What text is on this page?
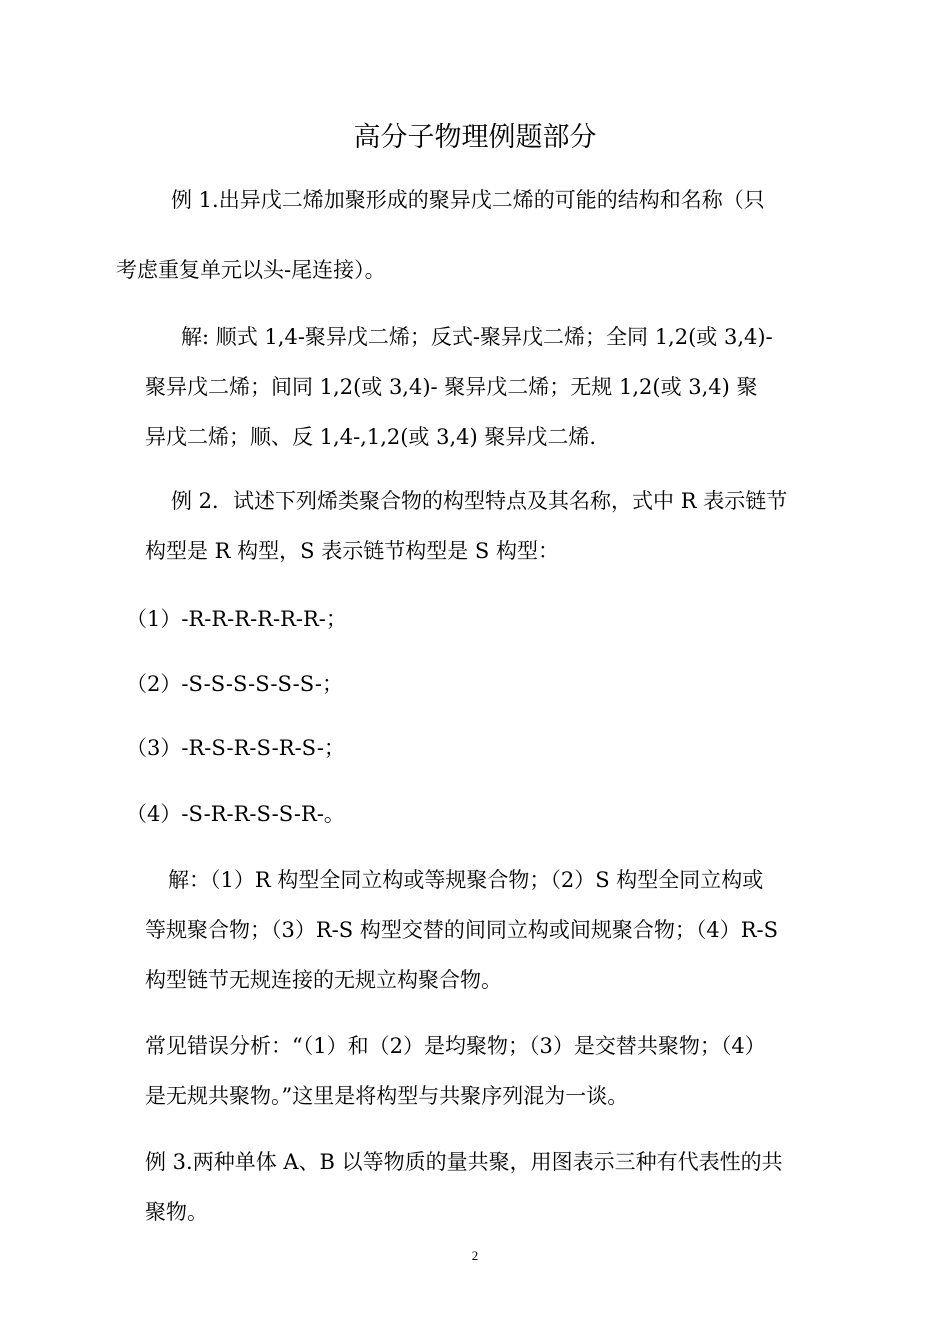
高分子物理例题部分
例 1.出异戊二烯加聚形成的聚异戊二烯的可能的结构和名称（只
考虑重复单元以头-尾连接）。
解: 顺式 1,4-聚异戊二烯；反式-聚异戊二烯；全同 1,2(或 3,4)-
聚异戊二烯；间同 1,2(或 3,4)- 聚异戊二烯；无规 1,2(或 3,4) 聚
异戊二烯；顺、反 1,4-,1,2(或 3,4) 聚异戊二烯.
例 2．试述下列烯类聚合物的构型特点及其名称，式中 R 表示链节
构型是 R 构型，S 表示链节构型是 S 构型：
（1）-R-R-R-R-R-R-；
（2）-S-S-S-S-S-S-；
（3）-R-S-R-S-R-S-；
（4）-S-R-R-S-S-R-。
解：（1）R 构型全同立构或等规聚合物；（2）S 构型全同立构或
等规聚合物；（3）R-S 构型交替的间同立构或间规聚合物；（4）R-S
构型链节无规连接的无规立构聚合物。
常见错误分析：“（1）和（2）是均聚物；（3）是交替共聚物；（4）
是无规共聚物。”这里是将构型与共聚序列混为一谈。
例 3.两种单体 A、B 以等物质的量共聚，用图表示三种有代表性的共
聚物。
2
